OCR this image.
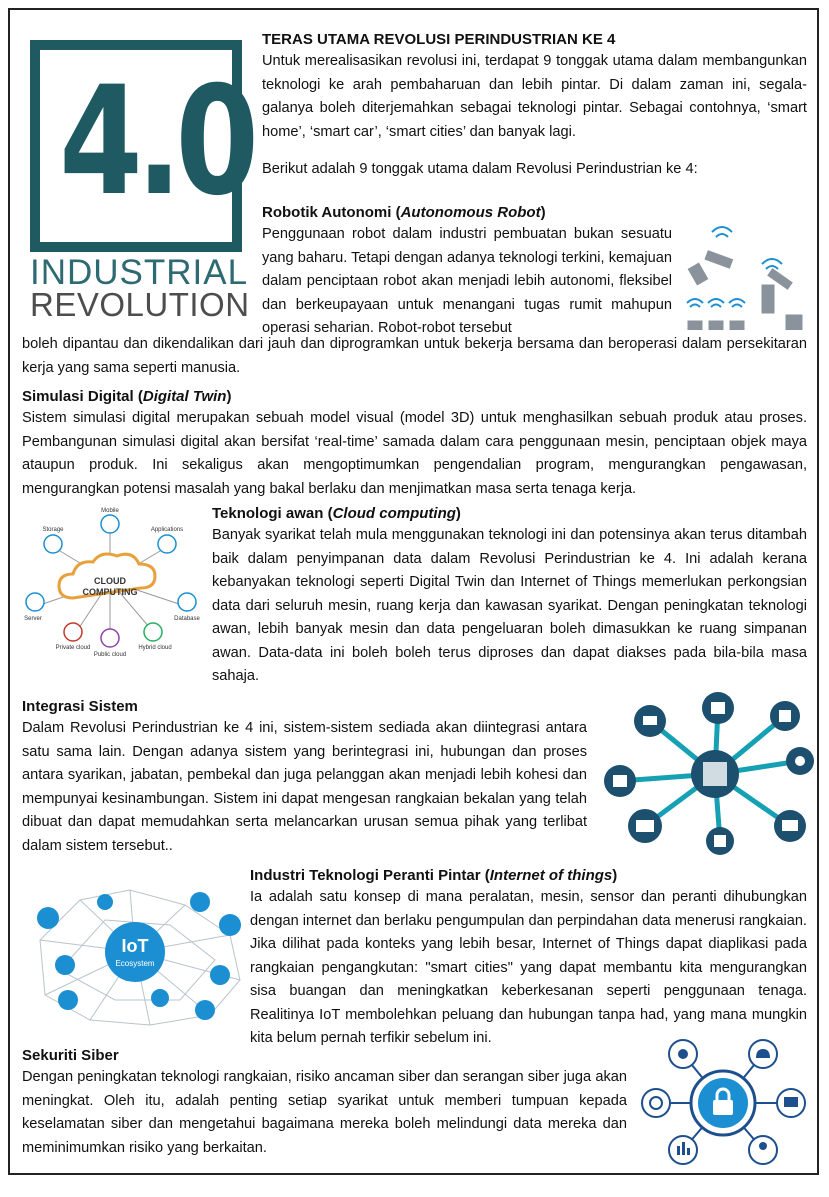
4.0
INDUSTRIAL
REVOLUTION

TERAS UTAMA REVOLUSI PERINDUSTRIAN KE 4

Untuk merealisasikan revolusi ini, terdapat 9 tonggak utama dalam membangunkan teknologi ke arah pembaharuan dan lebih pintar. Di dalam zaman ini, segala-galanya boleh diterjemahkan sebagai teknologi pintar. Sebagai contohnya, ‘smart home’, ‘smart car’, ‘smart cities’ dan banyak lagi.

Berikut adalah 9 tonggak utama dalam Revolusi Perindustrian ke 4:

Robotik Autonomi (Autonomous Robot)

Penggunaan robot dalam industri pembuatan bukan sesuatu yang baharu. Tetapi dengan adanya teknologi terkini, kemajuan dalam penciptaan robot akan menjadi lebih autonomi, fleksibel dan berkeupayaan untuk menangani tugas rumit mahupun operasi seharian. Robot-robot tersebut

boleh dipantau dan dikendalikan dari jauh dan diprogramkan untuk bekerja bersama dan beroperasi dalam persekitaran kerja yang sama seperti manusia.

Simulasi Digital (Digital Twin)

Sistem simulasi digital merupakan sebuah model visual (model 3D) untuk menghasilkan sebuah produk atau proses. Pembangunan simulasi digital akan bersifat ‘real-time’ samada dalam cara penggunaan mesin, penciptaan objek maya ataupun produk. Ini sekaligus akan mengoptimumkan pengendalian program, mengurangkan pengawasan, mengurangkan potensi masalah yang bakal berlaku dan menjimatkan masa serta tenaga kerja.

CLOUD
COMPUTING
Mobile
Storage	Applications
Server	Database
Private cloud
Public cloud
Hybrid cloud

Teknologi awan (Cloud computing)

Banyak syarikat telah mula menggunakan teknologi ini dan potensinya akan terus ditambah baik dalam penyimpanan data dalam Revolusi Perindustrian ke 4. Ini adalah kerana kebanyakan teknologi seperti Digital Twin dan Internet of Things memerlukan perkongsian data dari seluruh mesin, ruang kerja dan kawasan syarikat. Dengan peningkatan teknologi awan, lebih banyak mesin dan data pengeluaran boleh dimasukkan ke ruang simpanan awan. Data-data ini boleh boleh terus diproses dan dapat diakses pada bila-bila masa sahaja.

Integrasi Sistem

Dalam Revolusi Perindustrian ke 4 ini, sistem-sistem sediada akan diintegrasi antara satu sama lain. Dengan adanya sistem yang berintegrasi ini, hubungan dan proses antara syarikan, jabatan, pembekal dan juga pelanggan akan menjadi lebih kohesi dan mempunyai kesinambungan. Sistem ini dapat mengesan rangkaian bekalan yang telah dibuat dan dapat memudahkan serta melancarkan urusan semua pihak yang terlibat dalam sistem tersebut..

Industri Teknologi Peranti Pintar (Internet of things)

Ia adalah satu konsep di mana peralatan, mesin, sensor dan peranti dihubungkan dengan internet dan berlaku pengumpulan dan perpindahan data menerusi rangkaian. Jika dilihat pada konteks yang lebih besar, Internet of Things dapat diaplikasi pada rangkaian pengangkutan: "smart cities" yang dapat membantu kita mengurangkan sisa buangan dan meningkatkan keberkesanan seperti penggunaan tenaga. Realitinya IoT membolehkan peluang dan hubungan tanpa had, yang mana mungkin kita belum pernah terfikir sebelum ini.

IoT
Ecosystem

Sekuriti Siber

Dengan peningkatan teknologi rangkaian, risiko ancaman siber dan serangan siber juga akan meningkat. Oleh itu, adalah penting setiap syarikat untuk memberi tumpuan kepada keselamatan siber dan mengetahui bagaimana mereka boleh melindungi data mereka dan meminimumkan risiko yang berkaitan.
